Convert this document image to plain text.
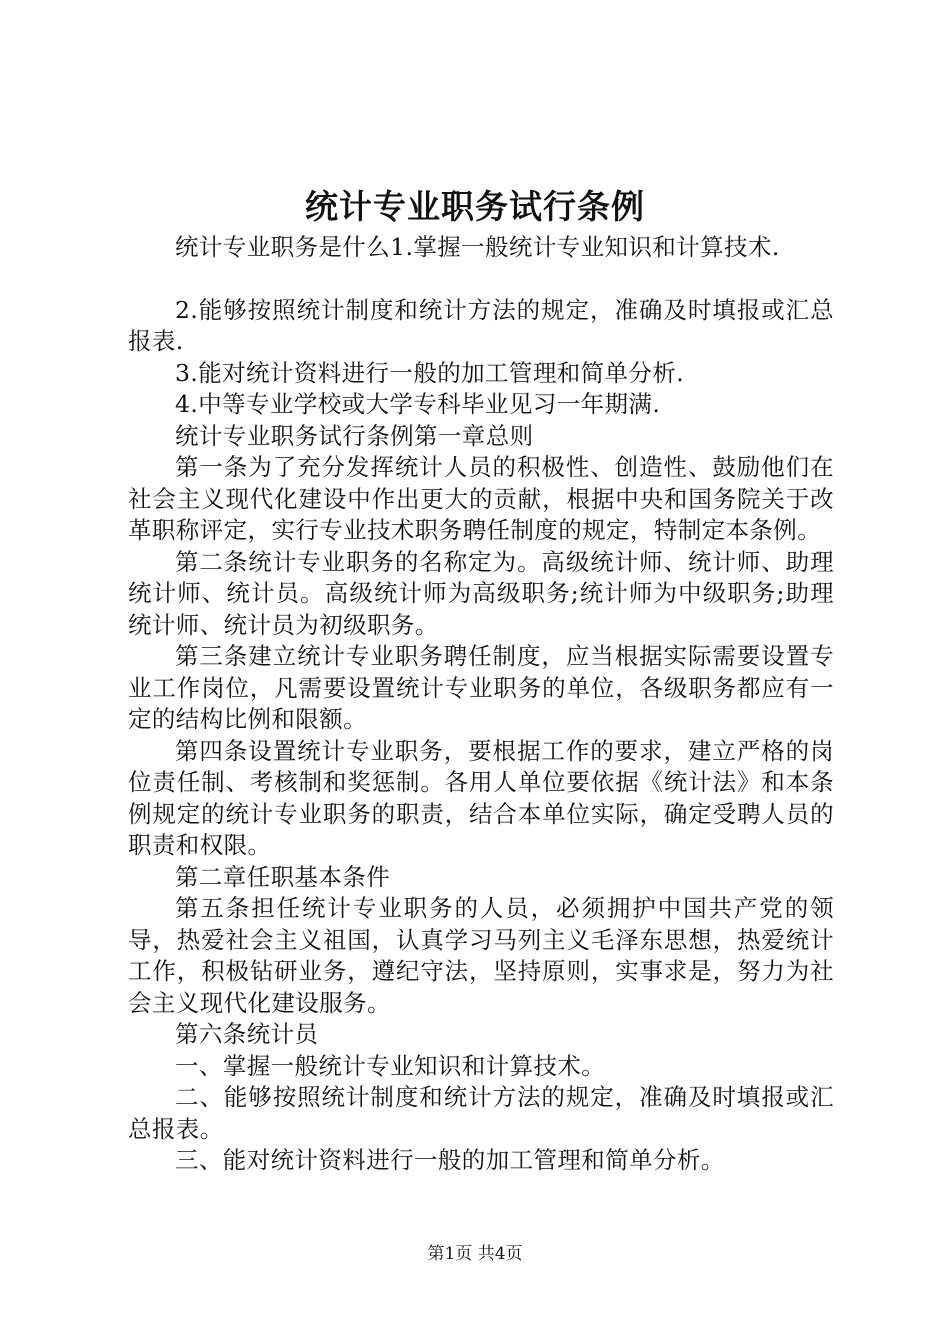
统计专业职务试行条例

统计专业职务是什么1.掌握一般统计专业知识和计算技术.

2.能够按照统计制度和统计方法的规定，准确及时填报或汇总报表.

3.能对统计资料进行一般的加工管理和简单分析.

4.中等专业学校或大学专科毕业见习一年期满.

统计专业职务试行条例第一章总则

第一条为了充分发挥统计人员的积极性、创造性、鼓励他们在社会主义现代化建设中作出更大的贡献，根据中央和国务院关于改革职称评定，实行专业技术职务聘任制度的规定，特制定本条例。

第二条统计专业职务的名称定为。高级统计师、统计师、助理统计师、统计员。高级统计师为高级职务;统计师为中级职务;助理统计师、统计员为初级职务。

第三条建立统计专业职务聘任制度，应当根据实际需要设置专业工作岗位，凡需要设置统计专业职务的单位，各级职务都应有一定的结构比例和限额。

第四条设置统计专业职务，要根据工作的要求，建立严格的岗位责任制、考核制和奖惩制。各用人单位要依据《统计法》和本条例规定的统计专业职务的职责，结合本单位实际，确定受聘人员的职责和权限。

第二章任职基本条件

第五条担任统计专业职务的人员，必须拥护中国共产党的领导，热爱社会主义祖国，认真学习马列主义毛泽东思想，热爱统计工作，积极钻研业务，遵纪守法，坚持原则，实事求是，努力为社会主义现代化建设服务。

第六条统计员

一、掌握一般统计专业知识和计算技术。

二、能够按照统计制度和统计方法的规定，准确及时填报或汇总报表。

三、能对统计资料进行一般的加工管理和简单分析。

第1页 共4页
